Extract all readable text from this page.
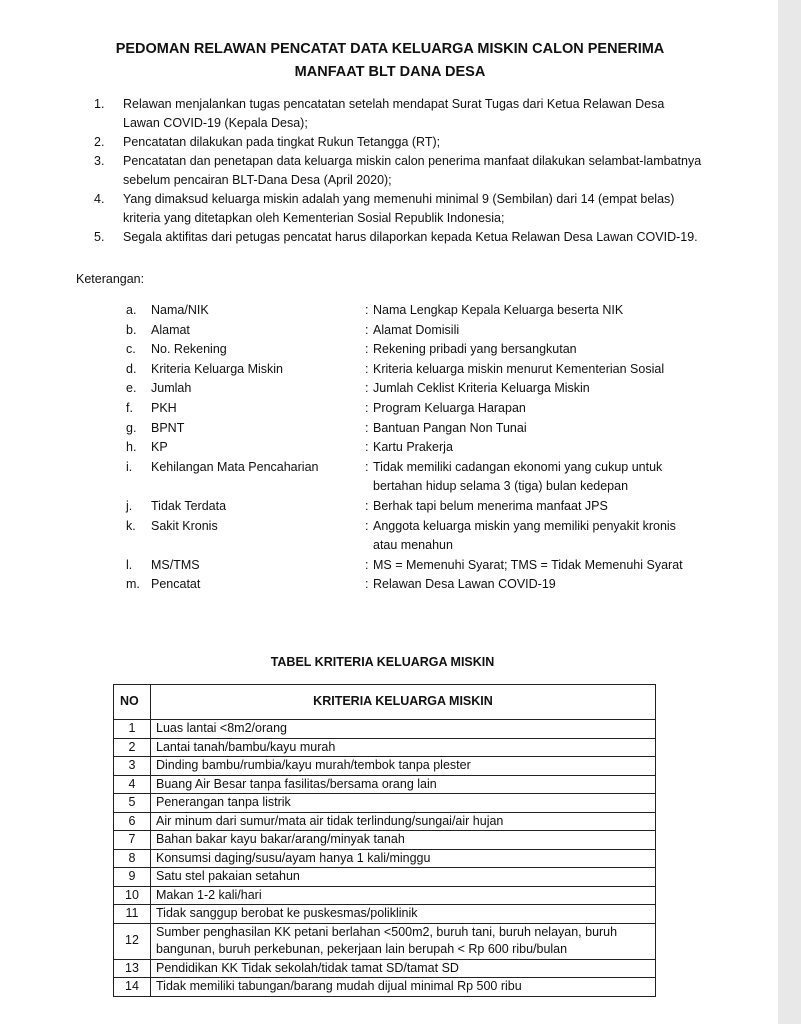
PEDOMAN RELAWAN PENCATAT DATA KELUARGA MISKIN CALON PENERIMA
MANFAAT BLT DANA DESA
1. Relawan menjalankan tugas pencatatan setelah mendapat Surat Tugas dari Ketua Relawan Desa Lawan COVID-19 (Kepala Desa);
2. Pencatatan dilakukan pada tingkat Rukun Tetangga (RT);
3. Pencatatan dan penetapan data keluarga miskin calon penerima manfaat dilakukan selambat-lambatnya sebelum pencairan BLT-Dana Desa (April 2020);
4. Yang dimaksud keluarga miskin adalah yang memenuhi minimal 9 (Sembilan) dari 14 (empat belas) kriteria yang ditetapkan oleh Kementerian Sosial Republik Indonesia;
5. Segala aktifitas dari petugas pencatat harus dilaporkan kepada Ketua Relawan Desa Lawan COVID-19.
Keterangan:
a.	Nama/NIK	: Nama Lengkap Kepala Keluarga beserta NIK
b.	Alamat	: Alamat Domisili
c.	No. Rekening	: Rekening pribadi yang bersangkutan
d.	Kriteria Keluarga Miskin	: Kriteria keluarga miskin menurut Kementerian Sosial
e.	Jumlah	: Jumlah Ceklist Kriteria Keluarga Miskin
f.	PKH	: Program Keluarga Harapan
g.	BPNT	: Bantuan Pangan Non Tunai
h.	KP	: Kartu Prakerja
i.	Kehilangan Mata Pencaharian	: Tidak memiliki cadangan ekonomi yang cukup untuk bertahan hidup selama 3 (tiga) bulan kedepan
j.	Tidak Terdata	: Berhak tapi belum menerima manfaat JPS
k.	Sakit Kronis	: Anggota keluarga miskin yang memiliki penyakit kronis atau menahun
l.	MS/TMS	: MS = Memenuhi Syarat; TMS = Tidak Memenuhi Syarat
m. Pencatat	: Relawan Desa Lawan COVID-19
TABEL KRITERIA KELUARGA MISKIN
NO	KRITERIA KELUARGA MISKIN
1	Luas lantai <8m2/orang
2	Lantai tanah/bambu/kayu murah
3	Dinding bambu/rumbia/kayu murah/tembok tanpa plester
4	Buang Air Besar tanpa fasilitas/bersama orang lain
5	Penerangan tanpa listrik
6	Air minum dari sumur/mata air tidak terlindung/sungai/air hujan
7	Bahan bakar kayu bakar/arang/minyak tanah
8	Konsumsi daging/susu/ayam hanya 1 kali/minggu
9	Satu stel pakaian setahun
10	Makan 1-2 kali/hari
11	Tidak sanggup berobat ke puskesmas/poliklinik
12	Sumber penghasilan KK petani berlahan <500m2, buruh tani, buruh nelayan, buruh bangunan, buruh perkebunan, pekerjaan lain berupah < Rp 600 ribu/bulan
13	Pendidikan KK Tidak sekolah/tidak tamat SD/tamat SD
14	Tidak memiliki tabungan/barang mudah dijual minimal Rp 500 ribu
